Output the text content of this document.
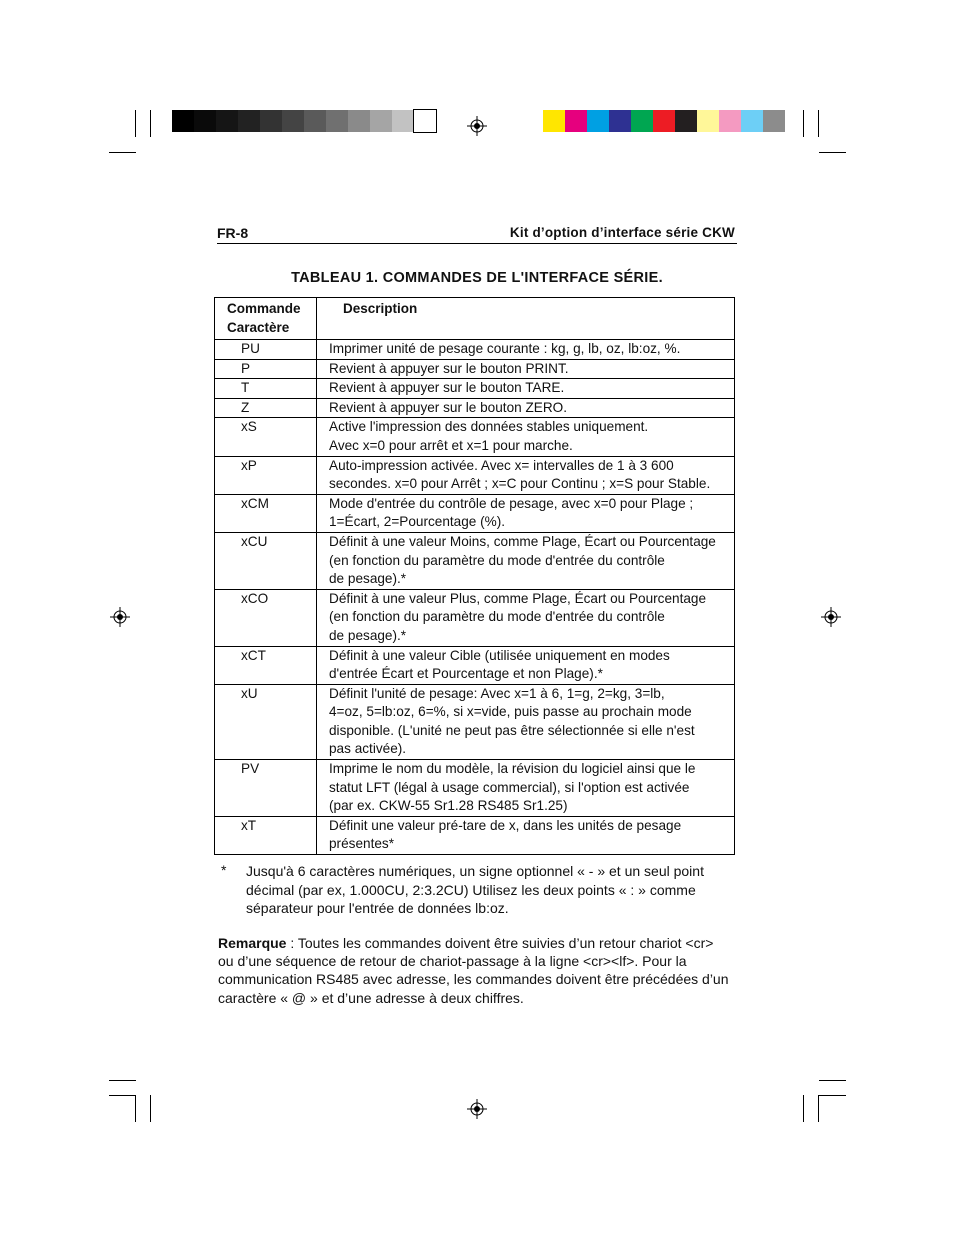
FR-8	Kit d’option d’interface série CKW
TABLEAU 1. COMMANDES DE L'INTERFACE SÉRIE.
Commande
Caractère	Description
PU	Imprimer unité de pesage courante : kg, g, lb, oz, lb:oz, %.

P	Revient à appuyer sur le bouton PRINT.

T	Revient à appuyer sur le bouton TARE.

Z	Revient à appuyer sur le bouton ZERO.

xS	Active l'impression des données stables uniquement.
Avec x=0 pour arrêt et x=1 pour marche.

xP	Auto-impression activée. Avec x= intervalles de 1 à 3 600
secondes. x=0 pour Arrêt ; x=C pour Continu ; x=S pour Stable.

xCM	Mode d'entrée du contrôle de pesage, avec x=0 pour Plage ;
1=Écart, 2=Pourcentage (%).

xCU	Définit à une valeur Moins, comme Plage, Écart ou Pourcentage
(en fonction du paramètre du mode d'entrée du contrôle
de pesage).*

xCO	Définit à une valeur Plus, comme Plage, Écart ou Pourcentage
(en fonction du paramètre du mode d'entrée du contrôle
de pesage).*

xCT	Définit à une valeur Cible (utilisée uniquement en modes
d'entrée Écart et Pourcentage et non Plage).*

xU	Définit l'unité de pesage: Avec x=1 à 6, 1=g, 2=kg, 3=lb,
4=oz, 5=lb:oz, 6=%, si x=vide, puis passe au prochain mode
disponible. (L'unité ne peut pas être sélectionnée si elle n'est
pas activée).

PV	Imprime le nom du modèle, la révision du logiciel ainsi que le
statut LFT (légal à usage commercial), si l'option est activée
(par ex. CKW-55 Sr1.28 RS485 Sr1.25)

xT	Définit une valeur pré-tare de x, dans les unités de pesage
présentes*
* Jusqu'à 6 caractères numériques, un signe optionnel « - » et un seul point
décimal (par ex, 1.000CU, 2:3.2CU) Utilisez les deux points « : » comme
séparateur pour l'entrée de données lb:oz.
Remarque : Toutes les commandes doivent être suivies d’un retour chariot <cr>
ou d’une séquence de retour de chariot-passage à la ligne <cr><lf>. Pour la
communication RS485 avec adresse, les commandes doivent être précédées d’un
caractère « @ » et d’une adresse à deux chiffres.
